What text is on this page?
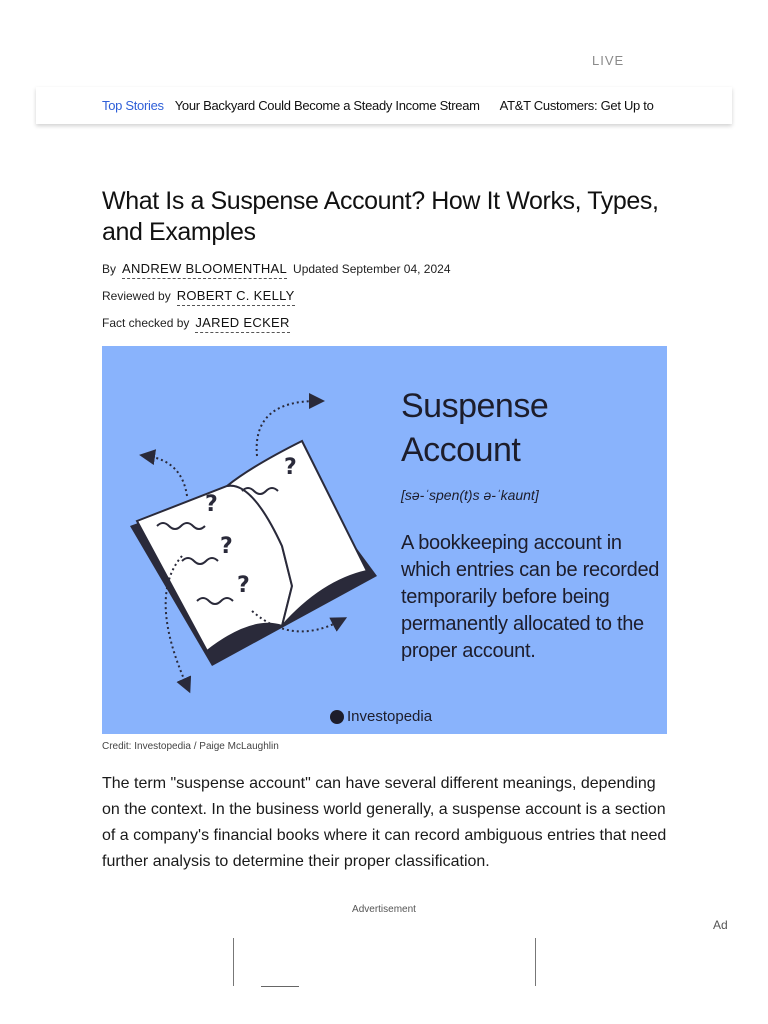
LIVE
Top Stories Your Backyard Could Become a Steady Income Stream AT&T Customers: Get Up to
What Is a Suspense Account? How It Works, Types, and Examples
By ANDREW BLOOMENTHAL Updated September 04, 2024
Reviewed by ROBERT C. KELLY
Fact checked by JARED ECKER
?
?
?
?
Suspense Account
[sə-ˈspen(t)s ə-ˈkaunt]
A bookkeeping account in which entries can be recorded temporarily before being permanently allocated to the proper account.
Investopedia
Credit: Investopedia / Paige McLaughlin

The term "suspense account" can have several different meanings, depending on the context. In the business world generally, a suspense account is a section of a company's financial books where it can record ambiguous entries that need further analysis to determine their proper classification.

Advertisement
Ad
